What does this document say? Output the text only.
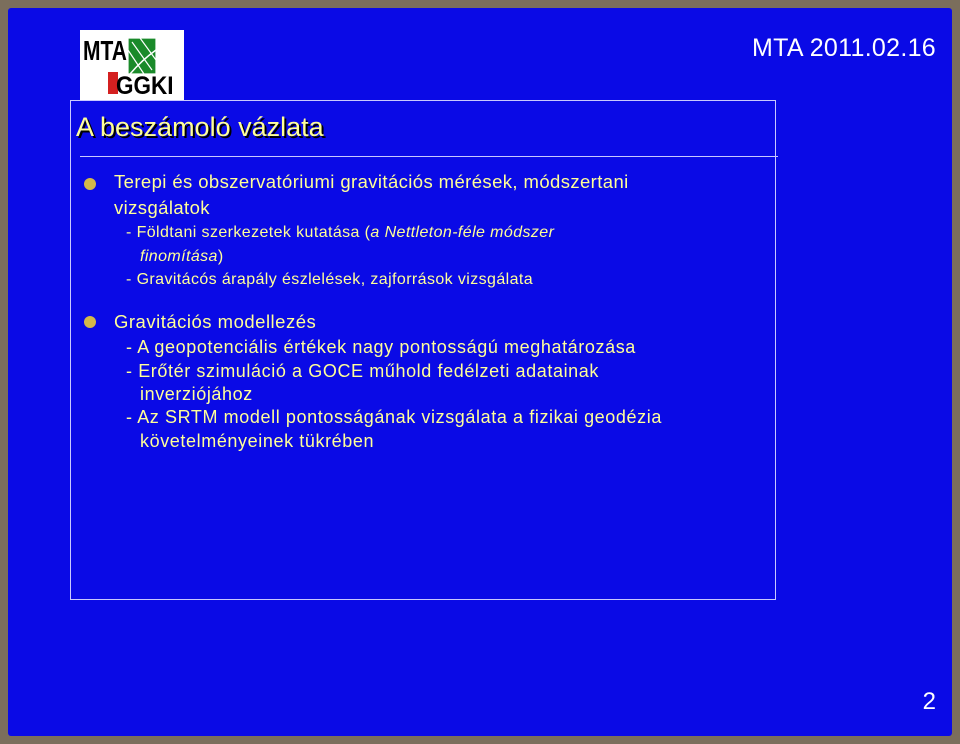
MTA
GGKI
MTA 2011.02.16
A beszámoló vázlata
Terepi és obszervatóriumi gravitációs mérések, módszertani
vizsgálatok
- Földtani szerkezetek kutatása (a Nettleton-féle módszer
finomítása)
- Gravitácós árapály észlelések, zajforrások vizsgálata
Gravitációs modellezés
- A geopotenciális értékek nagy pontosságú meghatározása
- Erőtér szimuláció a GOCE műhold fedélzeti adatainak
inverziójához
- Az SRTM modell pontosságának vizsgálata a fizikai geodézia
követelményeinek tükrében
2
